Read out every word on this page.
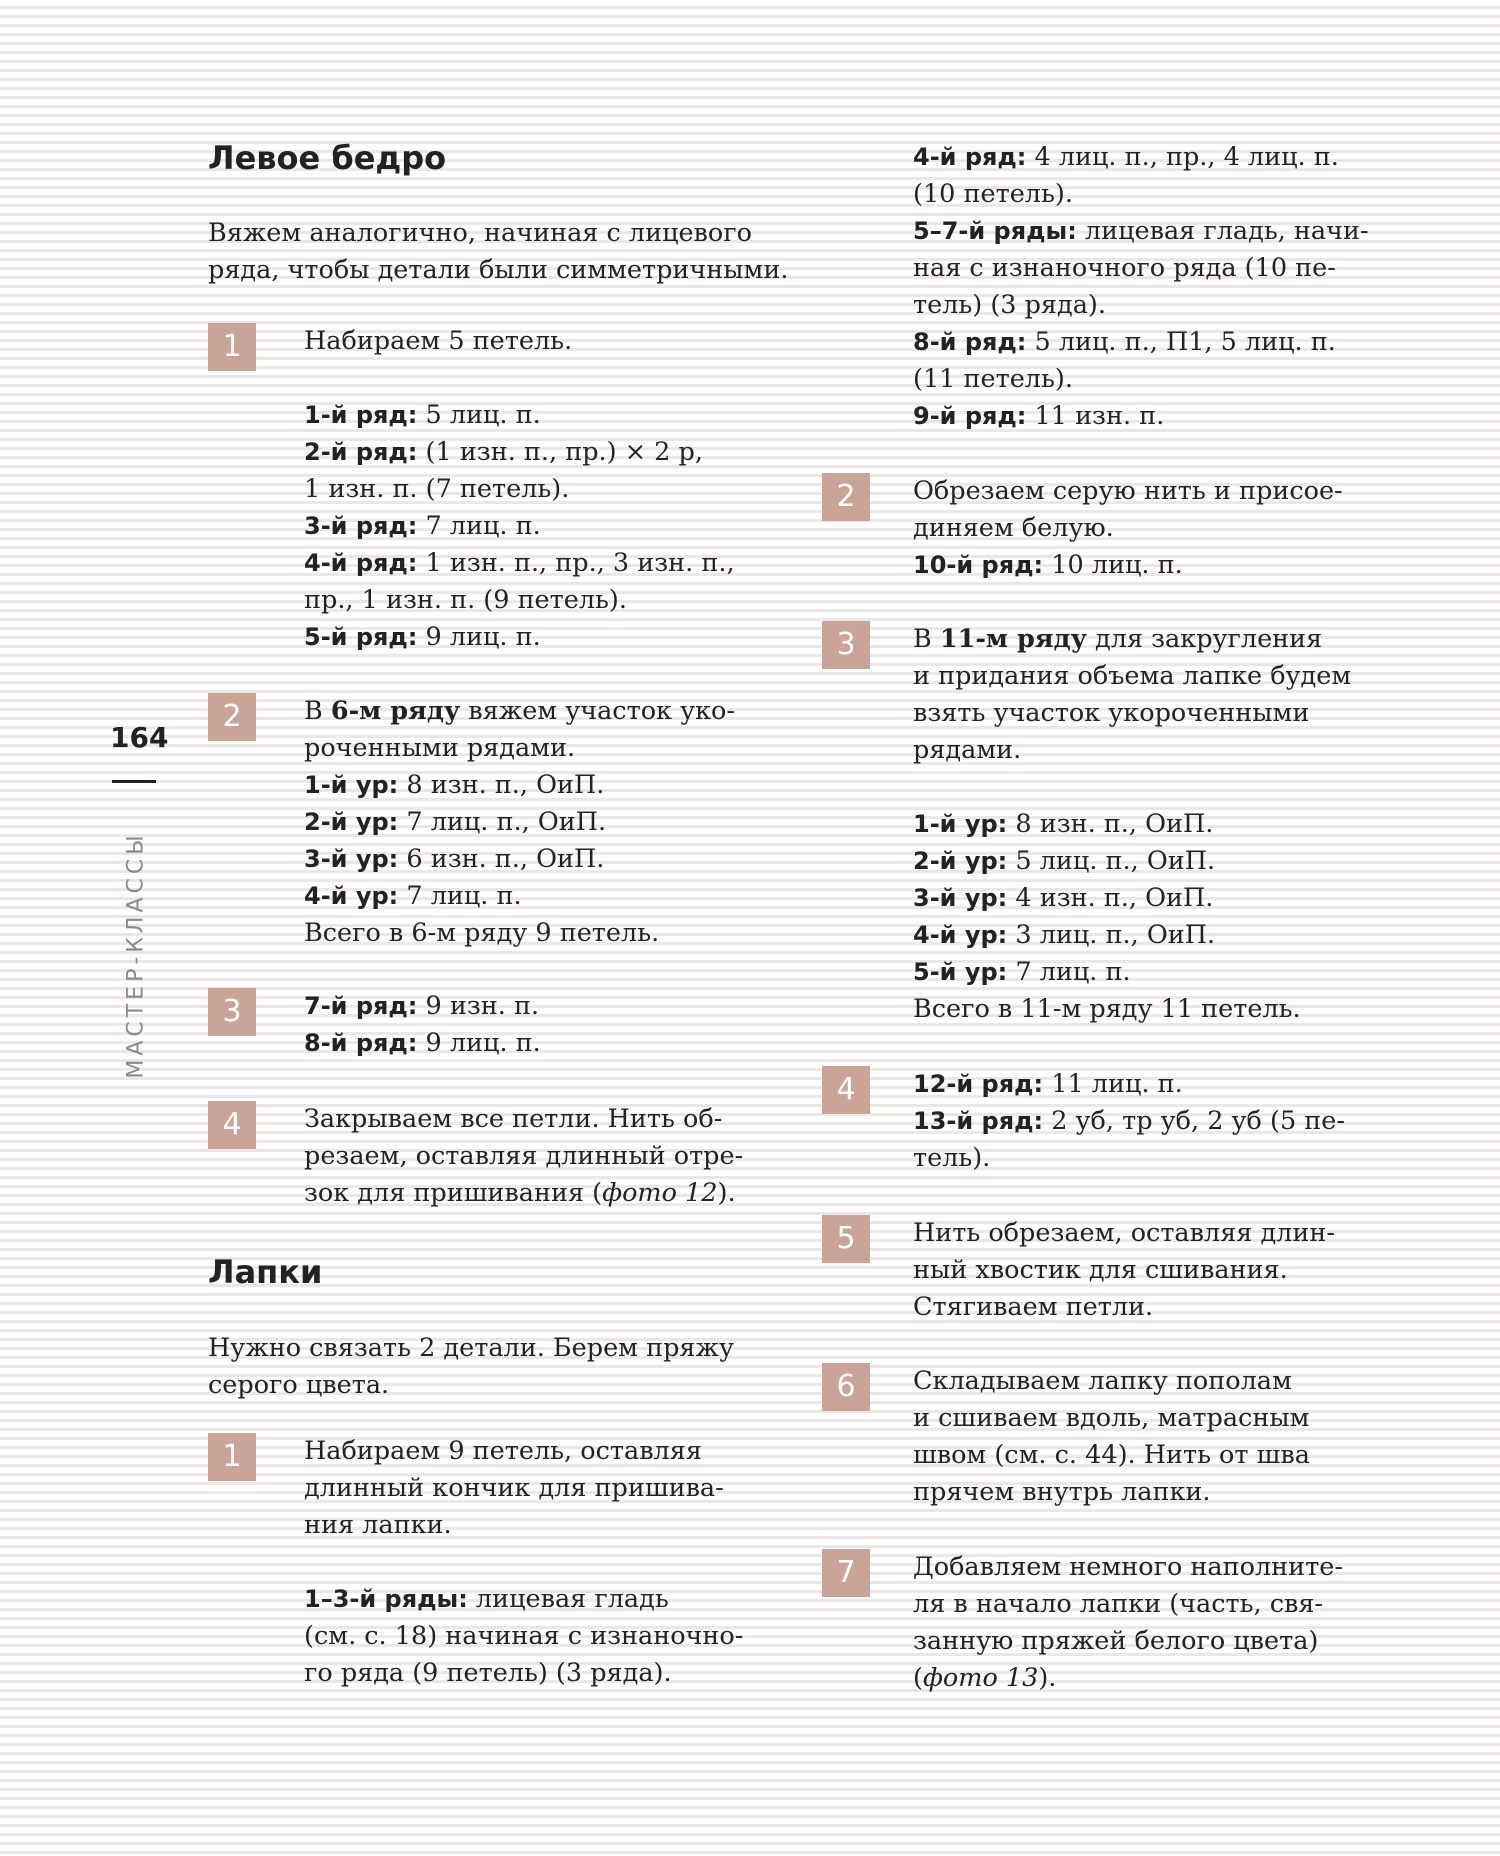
164
МАСТЕР-КЛАССЫ
Левое бедро
Вяжем аналогично, начиная с лицевого
ряда, чтобы детали были симметричными.
1	Набираем 5 петель.
1-й ряд: 5 лиц. п.
2-й ряд: (1 изн. п., пр.) × 2 р,
1 изн. п. (7 петель).
3-й ряд: 7 лиц. п.
4-й ряд: 1 изн. п., пр., 3 изн. п.,
пр., 1 изн. п. (9 петель).
5-й ряд: 9 лиц. п.
2	В 6-м ряду вяжем участок уко-
роченными рядами.
1-й ур: 8 изн. п., ОиП.
2-й ур: 7 лиц. п., ОиП.
3-й ур: 6 изн. п., ОиП.
4-й ур: 7 лиц. п.
Всего в 6-м ряду 9 петель.
3	7-й ряд: 9 изн. п.
8-й ряд: 9 лиц. п.
4	Закрываем все петли. Нить об-
резаем, оставляя длинный отре-
зок для пришивания (фото 12).
Лапки
Нужно связать 2 детали. Берем пряжу
серого цвета.
1	Набираем 9 петель, оставляя
длинный кончик для пришива-
ния лапки.
1–3-й ряды: лицевая гладь
(см. с. 18) начиная с изнаночно-
го ряда (9 петель) (3 ряда).
4-й ряд: 4 лиц. п., пр., 4 лиц. п.
(10 петель).
5–7-й ряды: лицевая гладь, начи-
ная с изнаночного ряда (10 пе-
тель) (3 ряда).
8-й ряд: 5 лиц. п., П1, 5 лиц. п.
(11 петель).
9-й ряд: 11 изн. п.
2	Обрезаем серую нить и присое-
диняем белую.
10-й ряд: 10 лиц. п.
3	В 11-м ряду для закругления
и придания объема лапке будем
взять участок укороченными
рядами.
1-й ур: 8 изн. п., ОиП.
2-й ур: 5 лиц. п., ОиП.
3-й ур: 4 изн. п., ОиП.
4-й ур: 3 лиц. п., ОиП.
5-й ур: 7 лиц. п.
Всего в 11-м ряду 11 петель.
4	12-й ряд: 11 лиц. п.
13-й ряд: 2 уб, тр уб, 2 уб (5 пе-
тель).
5	Нить обрезаем, оставляя длин-
ный хвостик для сшивания.
Стягиваем петли.
6	Складываем лапку пополам
и сшиваем вдоль, матрасным
швом (см. с. 44). Нить от шва
прячем внутрь лапки.
7	Добавляем немного наполните-
ля в начало лапки (часть, свя-
занную пряжей белого цвета)
(фото 13).
